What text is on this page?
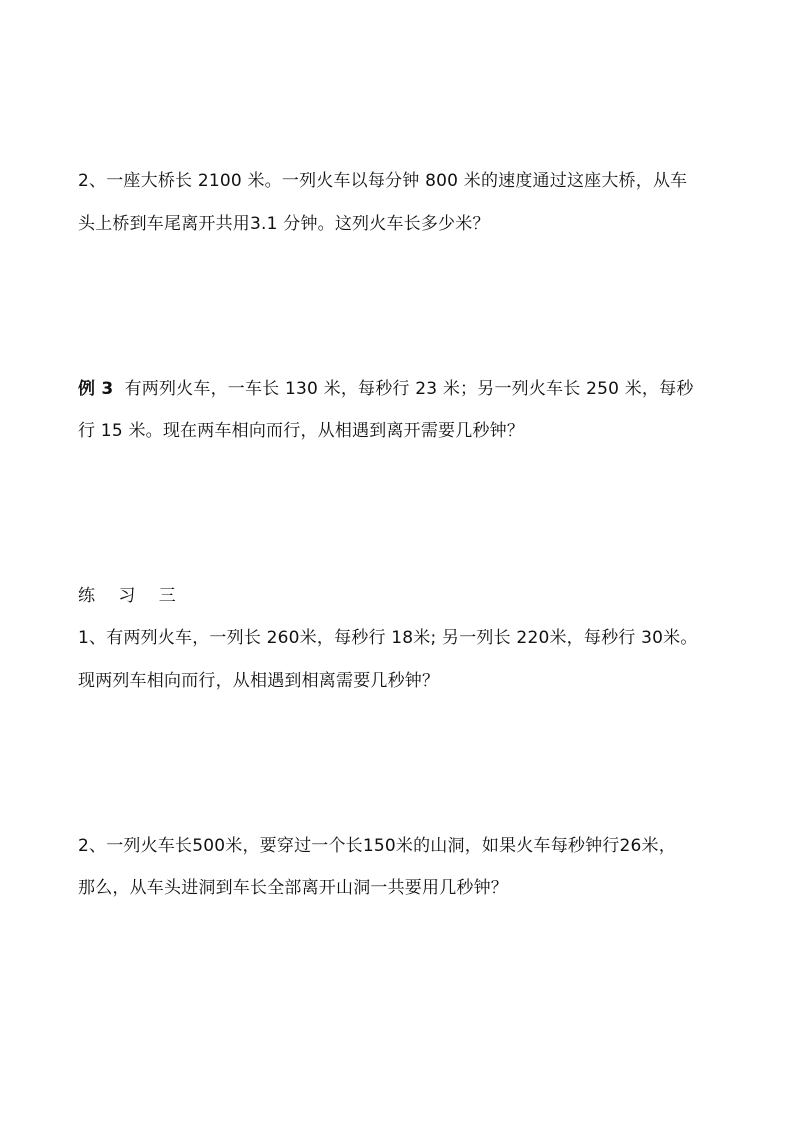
2、一座大桥长 2100 米。一列火车以每分钟 800 米的速度通过这座大桥，从车
头上桥到车尾离开共用3.1 分钟。这列火车长多少米？
例 3  有两列火车，一车长 130 米，每秒行 23 米；另一列火车长 250 米，每秒
行 15 米。现在两车相向而行，从相遇到离开需要几秒钟？
练 习 三
1、有两列火车，一列长 260米，每秒行 18米; 另一列长 220米，每秒行 30米。
现两列车相向而行，从相遇到相离需要几秒钟？
2、一列火车长500米，要穿过一个长150米的山洞，如果火车每秒钟行26米，
那么，从车头进洞到车长全部离开山洞一共要用几秒钟？
